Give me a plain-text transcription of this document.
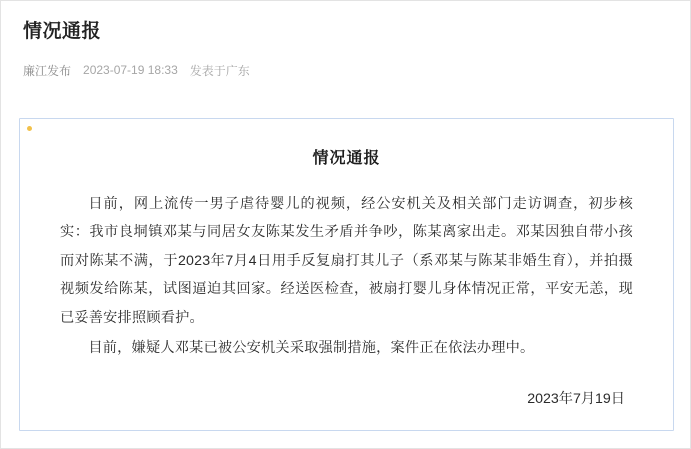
情况通报
廉江发布 2023-07-19 18:33 发表于广东
情况通报

日前，网上流传一男子虐待婴儿的视频，经公安机关及相关部门走访调查，初步核实：我市良垌镇邓某与同居女友陈某发生矛盾并争吵，陈某离家出走。邓某因独自带小孩而对陈某不满，于2023年7月4日用手反复扇打其儿子（系邓某与陈某非婚生育），并拍摄视频发给陈某，试图逼迫其回家。经送医检查，被扇打婴儿身体情况正常，平安无恙，现已妥善安排照顾看护。

目前，嫌疑人邓某已被公安机关采取强制措施，案件正在依法办理中。

2023年7月19日
